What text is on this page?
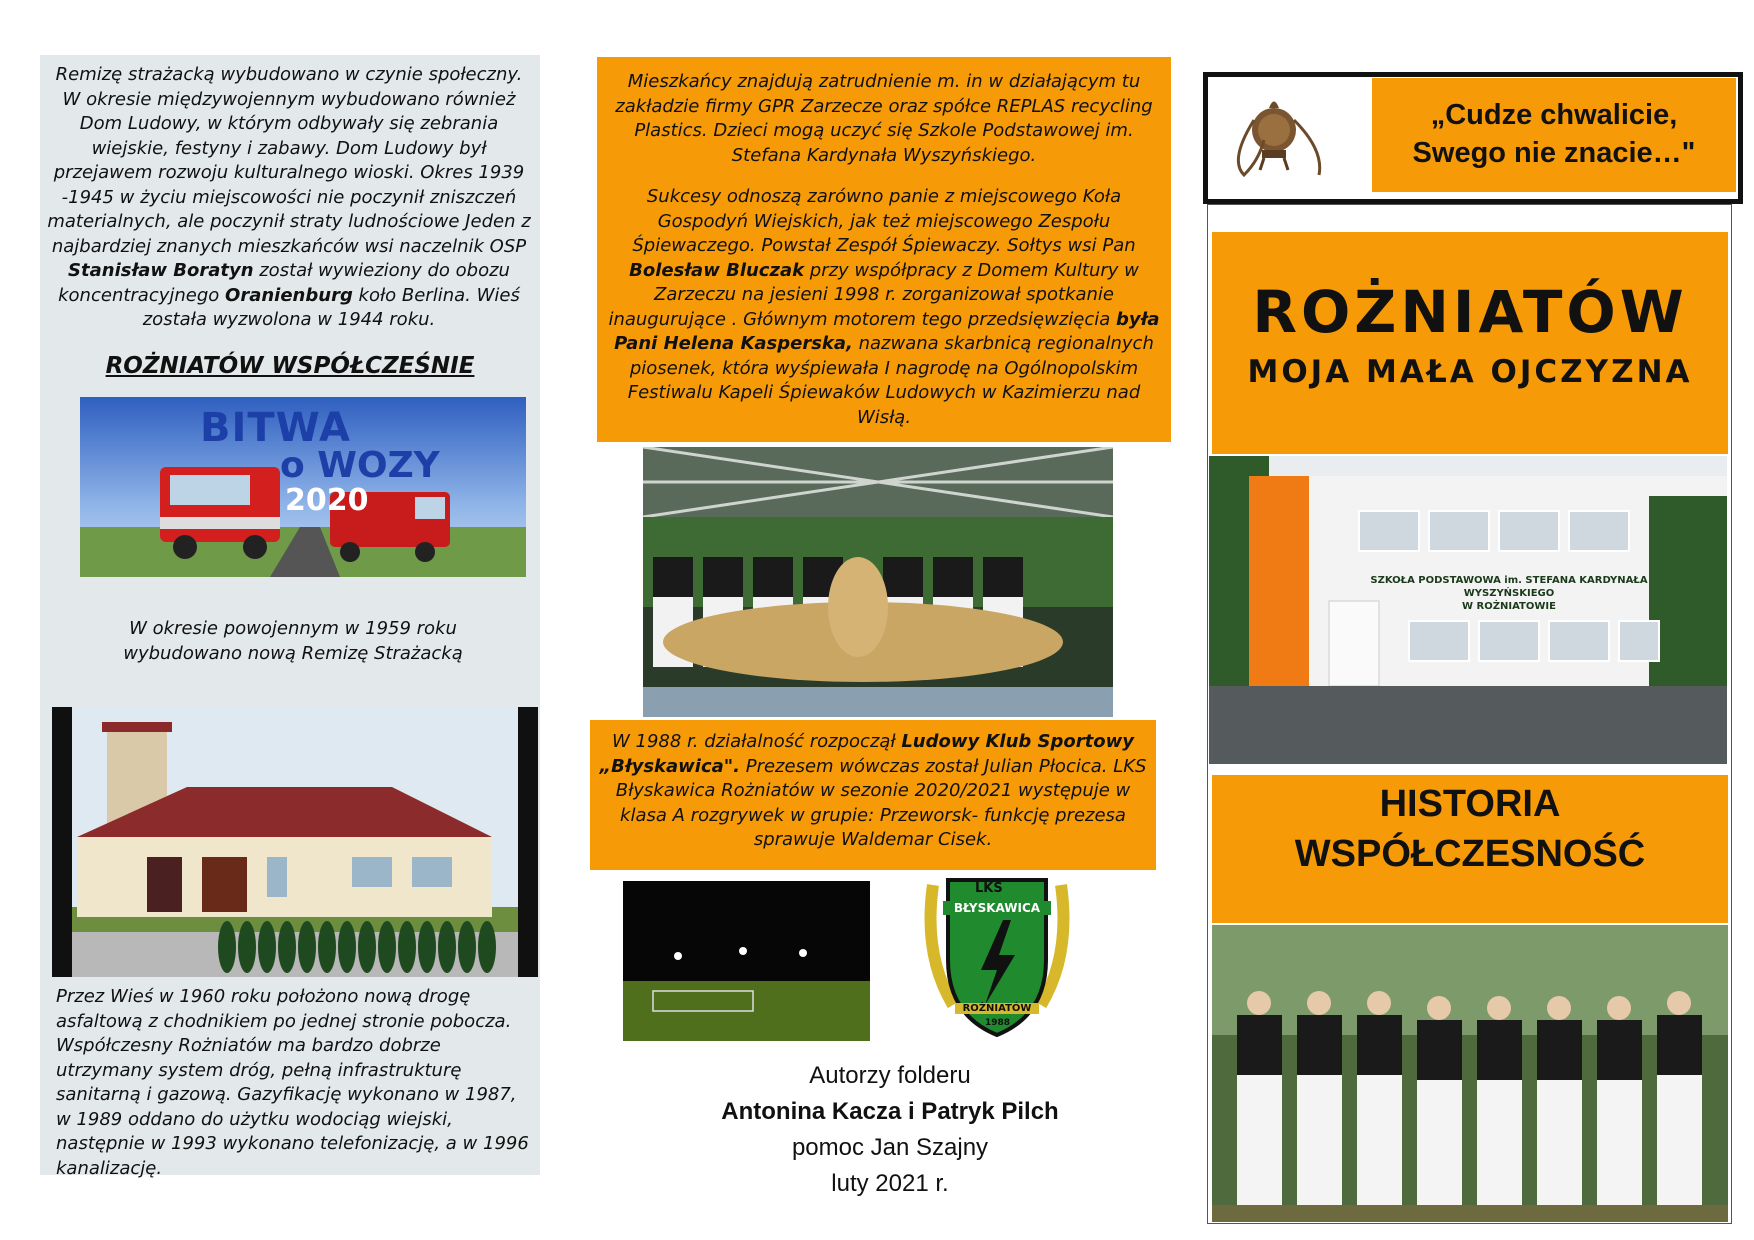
Remizę strażacką wybudowano w czynie społeczny. W okresie międzywojennym wybudowano również Dom Ludowy, w którym odbywały się zebrania wiejskie, festyny i zabawy. Dom Ludowy był przejawem rozwoju kulturalnego wioski. Okres 1939 -1945 w życiu miejscowości nie poczynił zniszczeń materialnych, ale poczynił straty ludnościowe Jeden z najbardziej znanych mieszkańców wsi naczelnik OSP Stanisław Boratyn został wywieziony do obozu koncentracyjnego Oranienburg koło Berlina. Wieś została wyzwolona w 1944 roku.
ROŻNIATÓW WSPÓŁCZEŚNIE
BITWA
o WOZY
2020
W okresie powojennym w 1959 roku wybudowano nową Remizę Strażacką
Przez Wieś w 1960 roku położono nową drogę asfaltową z chodnikiem po jednej stronie pobocza. Współczesny Rożniatów ma bardzo dobrze utrzymany system dróg, pełną infrastrukturę sanitarną i gazową. Gazyfikację wykonano w 1987, w 1989 oddano do użytku wodociąg wiejski, następnie w 1993 wykonano telefonizację, a w 1996 kanalizację.
Mieszkańcy znajdują zatrudnienie m. in w działającym tu zakładzie firmy GPR Zarzecze oraz spółce REPLAS recycling Plastics. Dzieci mogą uczyć się Szkole Podstawowej im. Stefana Kardynała Wyszyńskiego.
Sukcesy odnoszą zarówno panie z miejscowego Koła Gospodyń Wiejskich, jak też miejscowego Zespołu Śpiewaczego. Powstał Zespół Śpiewaczy. Sołtys wsi Pan Bolesław Bluczak przy współpracy z Domem Kultury w Zarzeczu na jesieni 1998 r. zorganizował spotkanie inaugurujące . Głównym motorem tego przedsięwzięcia była Pani Helena Kasperska, nazwana skarbnicą regionalnych piosenek, która wyśpiewała I nagrodę na Ogólnopolskim Festiwalu Kapeli Śpiewaków Ludowych w Kazimierzu nad Wisłą.
W 1988 r. działalność rozpoczął Ludowy Klub Sportowy „Błyskawica". Prezesem wówczas został Julian Płocica. LKS Błyskawica Rożniatów w sezonie 2020/2021 występuje w klasa A rozgrywek w grupie: Przeworsk- funkcję prezesa sprawuje Waldemar Cisek.
LKS
BŁYSKAWICA
ROŻNIATÓW
1988
Autorzy folderu
Antonina Kacza i Patryk Pilch
pomoc Jan Szajny
luty 2021 r.
„Cudze chwalicie,
Swego nie znacie…"
ROŻNIATÓW
MOJA MAŁA OJCZYZNA
SZKOŁA PODSTAWOWA im. STEFANA KARDYNAŁA WYSZYŃSKIEGO
W ROŻNIATOWIE
HISTORIA
WSPÓŁCZESNOŚĆ
